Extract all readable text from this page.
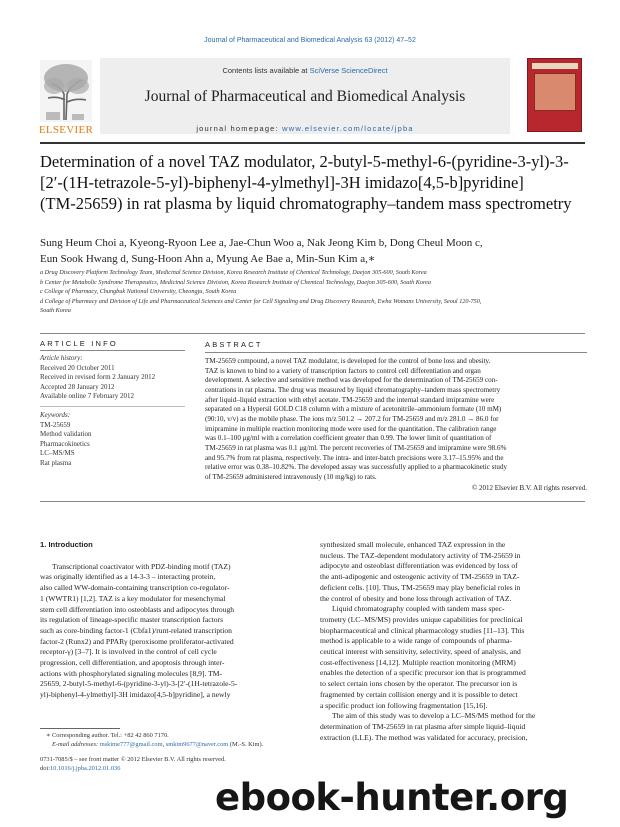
Journal of Pharmaceutical and Biomedical Analysis 63 (2012) 47–52
ELSEVIER
Contents lists available at SciVerse ScienceDirect
Journal of Pharmaceutical and Biomedical Analysis
journal homepage: www.elsevier.com/locate/jpba
Determination of a novel TAZ modulator, 2-butyl-5-methyl-6-(pyridine-3-yl)-3-
[2′-(1H-tetrazole-5-yl)-biphenyl-4-ylmethyl]-3H imidazo[4,5-b]pyridine]
(TM-25659) in rat plasma by liquid chromatography–tandem mass spectrometry
Sung Heum Choi a, Kyeong-Ryoon Lee a, Jae-Chun Woo a, Nak Jeong Kim b, Dong Cheul Moon c,
Eun Sook Hwang d, Sung-Hoon Ahn a, Myung Ae Bae a, Min-Sun Kim a,∗
a Drug Discovery Platform Technology Team, Medicinal Science Division, Korea Research Institute of Chemical Technology, Daejon 305-600, South Korea
b Center for Metabolic Syndrome Therapeutics, Medicinal Science Division, Korea Research Institute of Chemical Technology, Daejon 305-600, South Korea
c College of Pharmacy, Chungbuk National University, Cheongju, South Korea
d College of Pharmacy and Division of Life and Pharmaceutical Sciences and Center for Cell Signaling and Drug Discovery Research, Ewha Womans University, Seoul 120-750,
South Korea
ARTICLE INFO
Article history:
Received 20 October 2011
Received in revised form 2 January 2012
Accepted 28 January 2012
Available online 7 February 2012
Keywords:
TM-25659
Method validation
Pharmacokinetics
LC–MS/MS
Rat plasma
ABSTRACT
TM-25659 compound, a novel TAZ modulator, is developed for the control of bone loss and obesity.
TAZ is known to bind to a variety of transcription factors to control cell differentiation and organ
development. A selective and sensitive method was developed for the determination of TM-25659 con-
centrations in rat plasma. The drug was measured by liquid chromatography–tandem mass spectrometry
after liquid–liquid extraction with ethyl acetate. TM-25659 and the internal standard imipramine were
separated on a Hypersil GOLD C18 column with a mixture of acetonitrile–ammonium formate (10 mM)
(90:10, v/v) as the mobile phase. The ions m/z 501.2 → 207.2 for TM-25659 and m/z 281.0 → 86.0 for
imipramine in multiple reaction monitoring mode were used for the quantitation. The calibration range
was 0.1–100 μg/ml with a correlation coefficient greater than 0.99. The lower limit of quantitation of
TM-25659 in rat plasma was 0.1 μg/ml. The percent recoveries of TM-25659 and imipramine were 98.6%
and 95.7% from rat plasma, respectively. The intra- and inter-batch precisions were 3.17–15.95% and the
relative error was 0.38–10.82%. The developed assay was successfully applied to a pharmacokinetic study
of TM-25659 administered intravenously (10 mg/kg) to rats.
© 2012 Elsevier B.V. All rights reserved.
1. Introduction
Transcriptional coactivator with PDZ-binding motif (TAZ)
was originally identified as a 14-3-3 – interacting protein,
also called WW-domain-containing transcription co-regulator-
1 (WWTR1) [1,2]. TAZ is a key modulator for mesenchymal
stem cell differentiation into osteoblasts and adipocytes through
its regulation of lineage-specific master transcription factors
such as core-binding factor-1 (Cbfa1)/runt-related transcription
factor-2 (Runx2) and PPARγ (peroxisome proliferator-activated
receptor-γ) [3–7]. It is involved in the control of cell cycle
progression, cell differentiation, and apoptosis through inter-
actions with phosphorylated signaling molecules [8,9]. TM-
25659, 2-butyl-5-methyl-6-(pyridine-3-yl)-3-[2′-(1H-tetrazole-5-
yl)-biphenyl-4-ylmethyl]-3H imidazo[4,5-b]pyridine], a newly
synthesized small molecule, enhanced TAZ expression in the
nucleus. The TAZ-dependent modulatory activity of TM-25659 in
adipocyte and osteoblast differentiation was evidenced by loss of
the anti-adipogenic and osteogenic activity of TM-25659 in TAZ-
deficient cells. [10]. Thus, TM-25659 may play beneficial roles in
the control of obesity and bone loss through activation of TAZ.
Liquid chromatography coupled with tandem mass spec-
trometry (LC–MS/MS) provides unique capabilities for preclinical
biopharmaceutical and clinical pharmacology studies [11–13]. This
method is applicable to a wide range of compounds of pharma-
ceutical interest with sensitivity, selectivity, speed of analysis, and
cost-effectiveness [14,12]. Multiple reaction monitoring (MRM)
enables the detection of a specific precursor ion that is programmed
to select certain ions chosen by the operator. The precursor ion is
fragmented by certain collision energy and it is possible to detect
a specific product ion following fragmentation [15,16].
The aim of this study was to develop a LC–MS/MS method for the
determination of TM-25659 in rat plasma after simple liquid–liquid
extraction (LLE). The method was validated for accuracy, precision,
∗ Corresponding author. Tel.: +82 42 860 7170.
E-mail addresses: mskime777@gmail.com, smkim9677@naver.com (M.-S. Kim).
0731-7085/$ – see front matter © 2012 Elsevier B.V. All rights reserved.
doi:10.1016/j.jpba.2012.01.036
ebook-hunter.org
